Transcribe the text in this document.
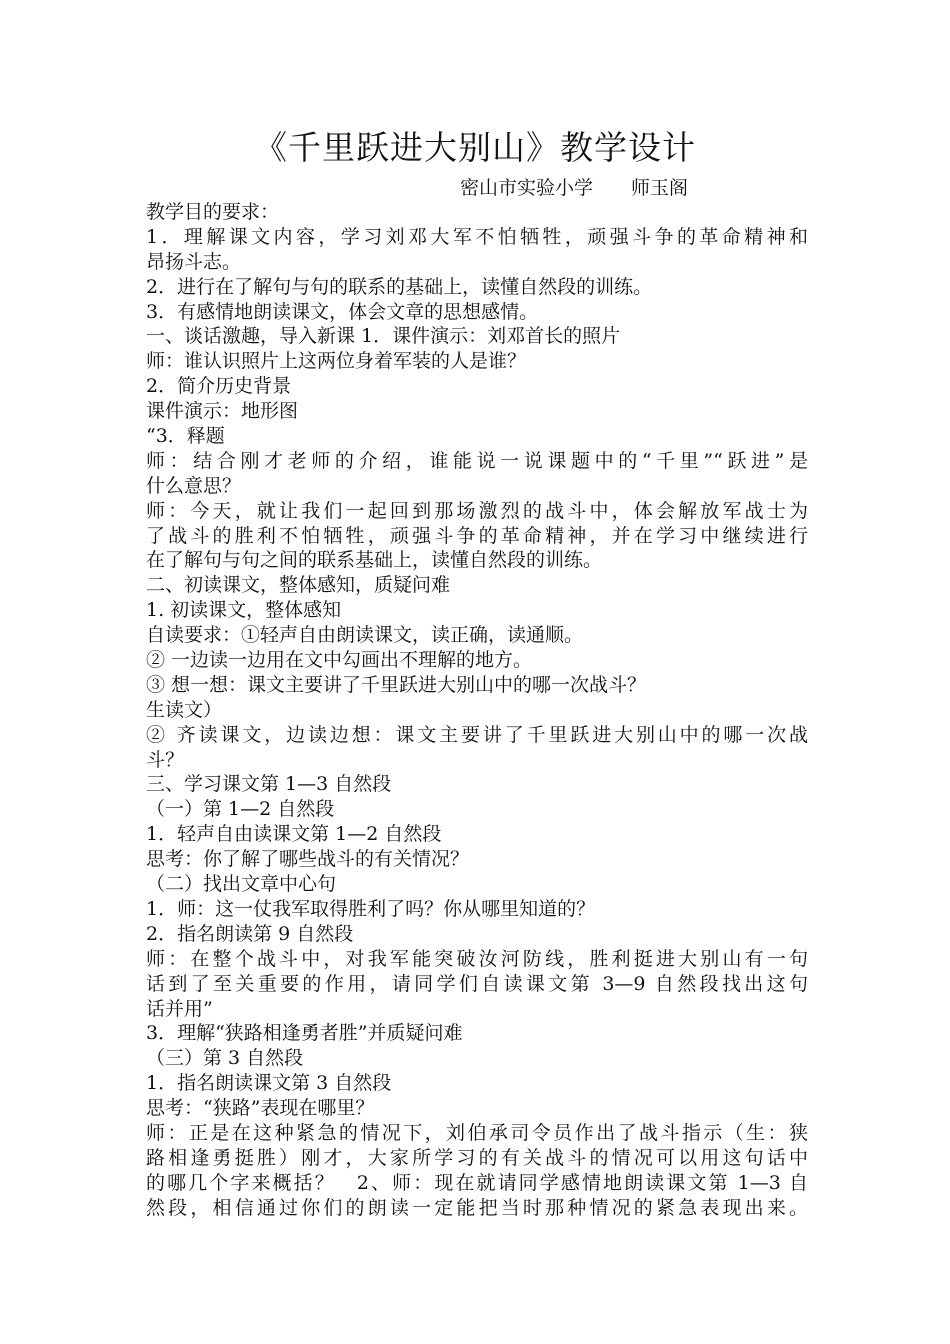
《千里跃进大别山》教学设计
密山市实验小学　　师玉阁
教学目的要求：
1．理解课文内容，学习刘邓大军不怕牺牲，顽强斗争的革命精神和
昂扬斗志。
2．进行在了解句与句的联系的基础上，读懂自然段的训练。
3．有感情地朗读课文，体会文章的思想感情。
一、谈话激趣，导入新课 1．课件演示：刘邓首长的照片
师：谁认识照片上这两位身着军装的人是谁？
2．简介历史背景
课件演示：地形图
“3．释题
师：结合刚才老师的介绍，谁能说一说课题中的“千里”“跃进”是
什么意思？
师：今天，就让我们一起回到那场激烈的战斗中，体会解放军战士为
了战斗的胜利不怕牺牲，顽强斗争的革命精神，并在学习中继续进行
在了解句与句之间的联系基础上，读懂自然段的训练。
二、初读课文，整体感知，质疑问难
1. 初读课文，整体感知
自读要求：①轻声自由朗读课文，读正确，读通顺。
② 一边读一边用在文中勾画出不理解的地方。
③ 想一想：课文主要讲了千里跃进大别山中的哪一次战斗？
生读文）
② 齐读课文，边读边想：课文主要讲了千里跃进大别山中的哪一次战
斗？
三、学习课文第 1—3 自然段
（一）第 1—2 自然段
1．轻声自由读课文第 1—2 自然段
思考：你了解了哪些战斗的有关情况？
（二）找出文章中心句
1．师：这一仗我军取得胜利了吗？你从哪里知道的？
2．指名朗读第 9 自然段
师：在整个战斗中，对我军能突破汝河防线，胜利挺进大别山有一句
话到了至关重要的作用，请同学们自读课文第 3—9 自然段找出这句
话并用”
3．理解“狭路相逢勇者胜”并质疑问难
（三）第 3 自然段
1．指名朗读课文第 3 自然段
思考：“狭路”表现在哪里？
师：正是在这种紧急的情况下，刘伯承司令员作出了战斗指示（生：狭
路相逢勇挺胜）刚才，大家所学习的有关战斗的情况可以用这句话中
的哪几个字来概括？　2、师：现在就请同学感情地朗读课文第 1—3 自
然段，相信通过你们的朗读一定能把当时那种情况的紧急表现出来。
